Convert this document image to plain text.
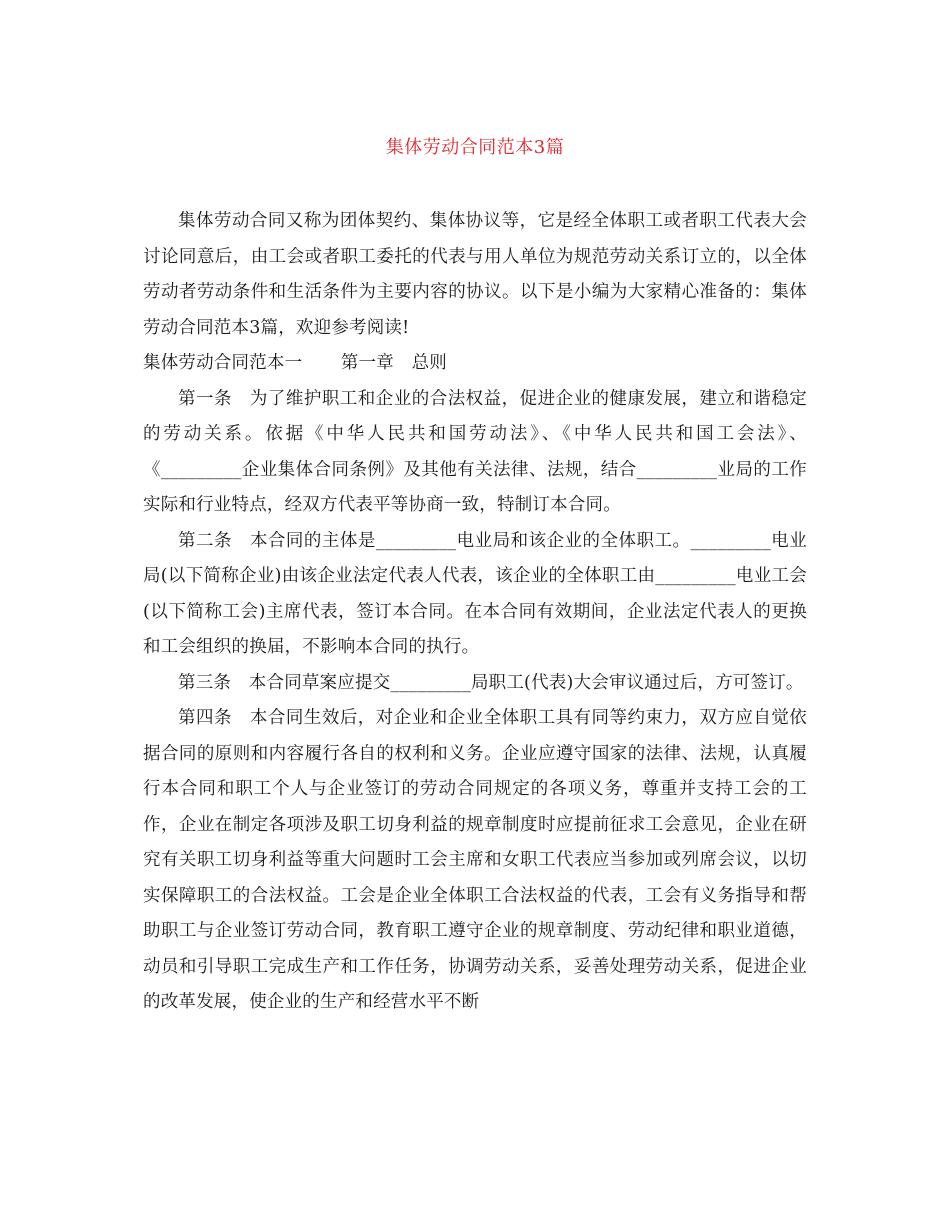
集体劳动合同范本3篇

集体劳动合同又称为团体契约、集体协议等，它是经全体职工或者职工代表大会讨论同意后，由工会或者职工委托的代表与用人单位为规范劳动关系订立的，以全体劳动者劳动条件和生活条件为主要内容的协议。以下是小编为大家精心准备的：集体劳动合同范本3篇，欢迎参考阅读!

集体劳动合同范本一 第一章　总则

第一条　为了维护职工和企业的合法权益，促进企业的健康发展，建立和谐稳定的劳动关系。依据《中华人民共和国劳动法》、《中华人民共和国工会法》、《_________企业集体合同条例》及其他有关法律、法规，结合_________业局的工作实际和行业特点，经双方代表平等协商一致，特制订本合同。

第二条　本合同的主体是_________电业局和该企业的全体职工。_________电业局(以下简称企业)由该企业法定代表人代表，该企业的全体职工由_________电业工会(以下简称工会)主席代表，签订本合同。在本合同有效期间，企业法定代表人的更换和工会组织的换届，不影响本合同的执行。

第三条　本合同草案应提交_________局职工(代表)大会审议通过后，方可签订。

第四条　本合同生效后，对企业和企业全体职工具有同等约束力，双方应自觉依据合同的原则和内容履行各自的权利和义务。企业应遵守国家的法律、法规，认真履行本合同和职工个人与企业签订的劳动合同规定的各项义务，尊重并支持工会的工作，企业在制定各项涉及职工切身利益的规章制度时应提前征求工会意见，企业在研究有关职工切身利益等重大问题时工会主席和女职工代表应当参加或列席会议，以切实保障职工的合法权益。工会是企业全体职工合法权益的代表，工会有义务指导和帮助职工与企业签订劳动合同，教育职工遵守企业的规章制度、劳动纪律和职业道德，动员和引导职工完成生产和工作任务，协调劳动关系，妥善处理劳动关系，促进企业的改革发展，使企业的生产和经营水平不断
